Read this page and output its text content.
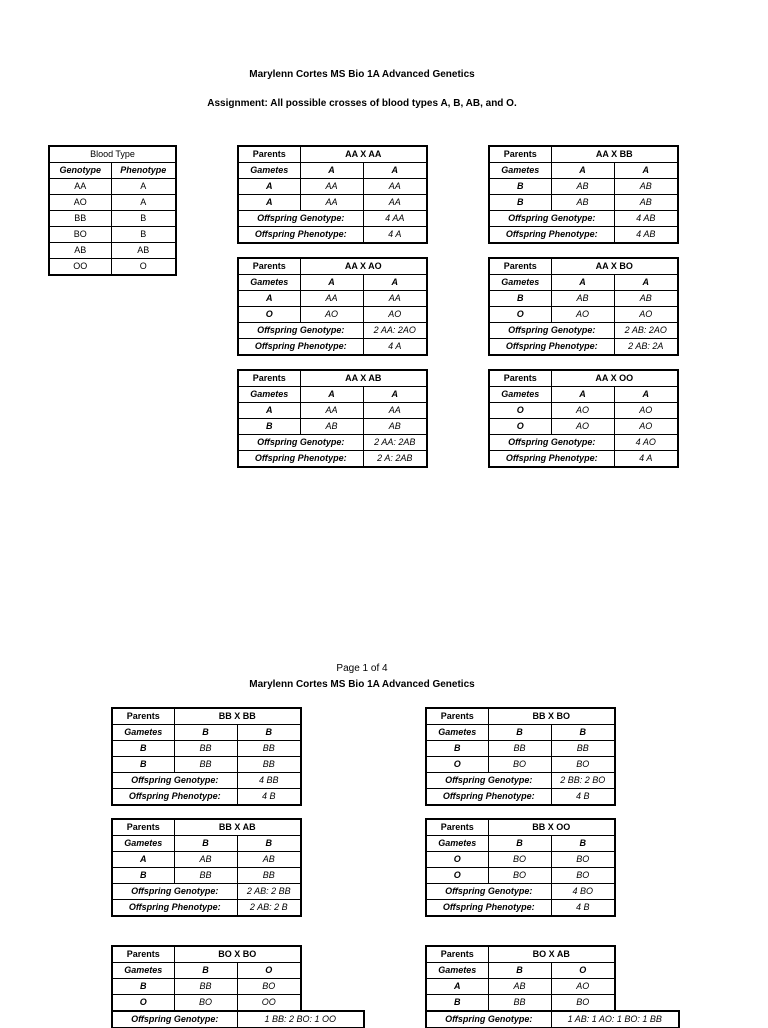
Marylenn Cortes MS Bio 1A Advanced Genetics
Assignment: All possible crosses of blood types A, B, AB, and O.
Blood Type	
Genotype	Phenotype
AA	A
AO	A
BB	B
BO	B
AB	AB
OO	O
Parents	AA X AA	
Gametes	A	A
A	AA	AA
A	AA	AA
Offspring Genotype:		4 AA
Offspring Phenotype:		4 A
Parents	AA X BB	
Gametes	A	A
B	AB	AB
B	AB	AB
Offspring Genotype:		4 AB
Offspring Phenotype:		4 AB
Parents	AA X AO	
Gametes	A	A
A	AA	AA
O	AO	AO
Offspring Genotype:		2 AA: 2AO
Offspring Phenotype:		4 A
Parents	AA X BO	
Gametes	A	A
B	AB	AB
O	AO	AO
Offspring Genotype:		2 AB: 2AO
Offspring Phenotype:		2 AB: 2A
Parents	AA X AB	
Gametes	A	A
A	AA	AA
B	AB	AB
Offspring Genotype:		2 AA: 2AB
Offspring Phenotype:		2 A: 2AB
Parents	AA X OO	
Gametes	A	A
O	AO	AO
O	AO	AO
Offspring Genotype:		4 AO
Offspring Phenotype:		4 A
Page 1 of 4
Marylenn Cortes MS Bio 1A Advanced Genetics
Parents	BB X BB	
Gametes	B	B
B	BB	BB
B	BB	BB
Offspring Genotype:		4 BB
Offspring Phenotype:		4 B
Parents	BB X BO	
Gametes	B	B
B	BB	BB
O	BO	BO
Offspring Genotype:		2 BB: 2 BO
Offspring Phenotype:		4 B
Parents	BB X AB	
Gametes	B	B
A	AB	AB
B	BB	BB
Offspring Genotype:		2 AB: 2 BB
Offspring Phenotype:		2 AB: 2 B
Parents	BB X OO	
Gametes	B	B
O	BO	BO
O	BO	BO
Offspring Genotype:		4 BO
Offspring Phenotype:		4 B
Parents	BO X BO		
Gametes	B	O	
B	BB	BO	
O	BO	OO	
Offspring Genotype:		1 BB: 2 BO: 1 OO	
Parents	BO X AB		
Gametes	B	O	
A	AB	AO	
B	BB	BO	
Offspring Genotype:		1 AB: 1 AO: 1 BO: 1 BB	
